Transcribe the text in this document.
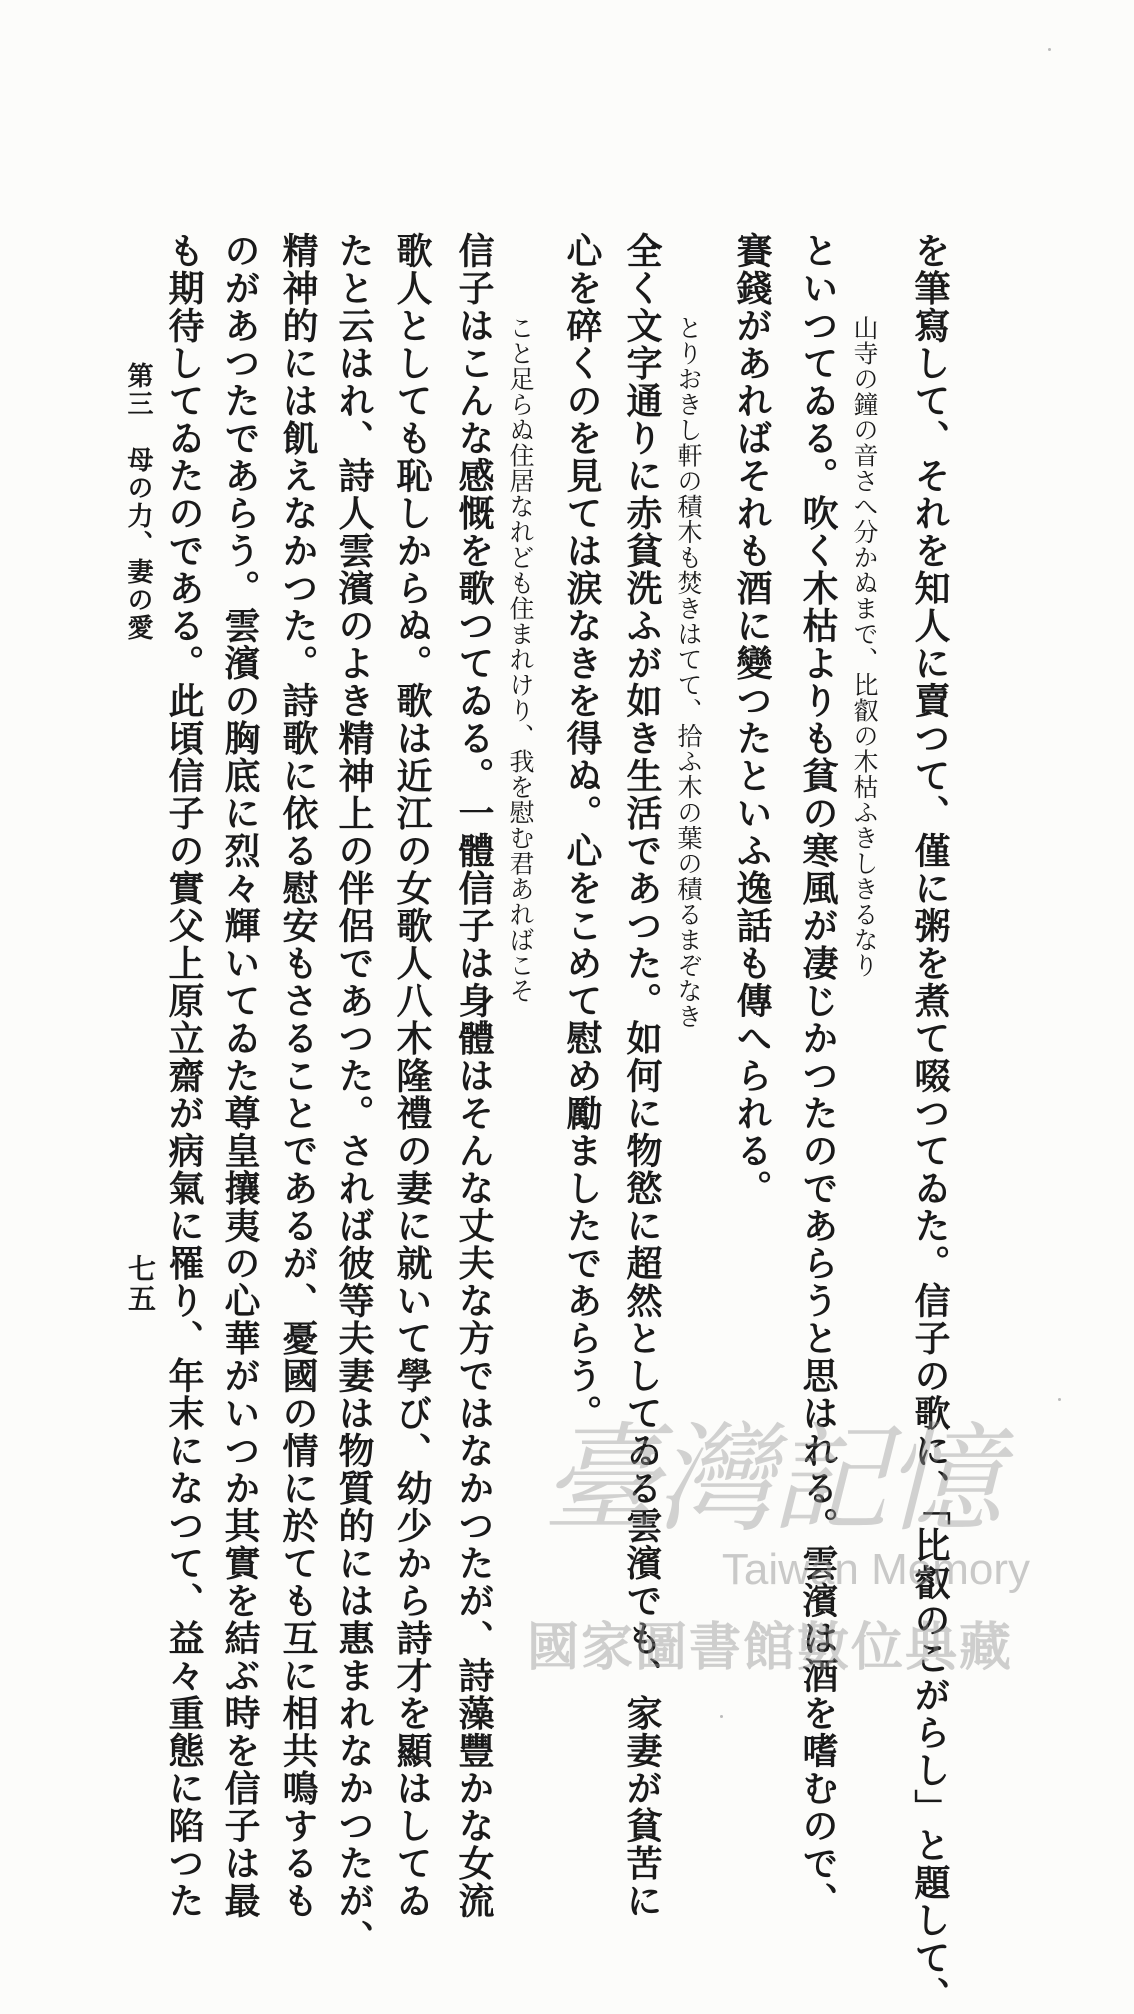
を筆寫して、それを知人に賣つて、僅に粥を煮て啜つてゐた。信子の歌に、「比叡のこがらし」と題して、
山寺の鐘の音さへ分かぬまで、比叡の木枯ふきしきるなり
といつてゐる。吹く木枯よりも貧の寒風が凄じかつたのであらうと思はれる。雲濱は酒を嗜むので、
賽錢があればそれも酒に變つたといふ逸話も傳へられる。
とりおきし軒の積木も焚きはてて、拾ふ木の葉の積るまぞなき
全く文字通りに赤貧洗ふが如き生活であつた。如何に物慾に超然としてゐる雲濱でも、家妻が貧苦に
心を碎くのを見ては涙なきを得ぬ。心をこめて慰め勵ましたであらう。
こと足らぬ住居なれども住まれけり、我を慰む君あればこそ
信子はこんな感慨を歌つてゐる。一體信子は身體はそんな丈夫な方ではなかつたが、詩藻豐かな女流
歌人としても恥しからぬ。歌は近江の女歌人八木隆禮の妻に就いて學び、幼少から詩才を顯はしてゐ
たと云はれ、詩人雲濱のよき精神上の伴侶であつた。されば彼等夫妻は物質的には惠まれなかつたが、
精神的には飢えなかつた。詩歌に依る慰安もさることであるが、憂國の情に於ても互に相共鳴するも
のがあつたであらう。雲濱の胸底に烈々輝いてゐた尊皇攘夷の心華がいつか其實を結ぶ時を信子は最
も期待してゐたのである。此頃信子の實父上原立齋が病氣に罹り、年末になつて、益々重態に陷つた
第三　母の力、妻の愛
七五
臺灣記憶
Taiwan Memory
國家圖書館數位典藏
